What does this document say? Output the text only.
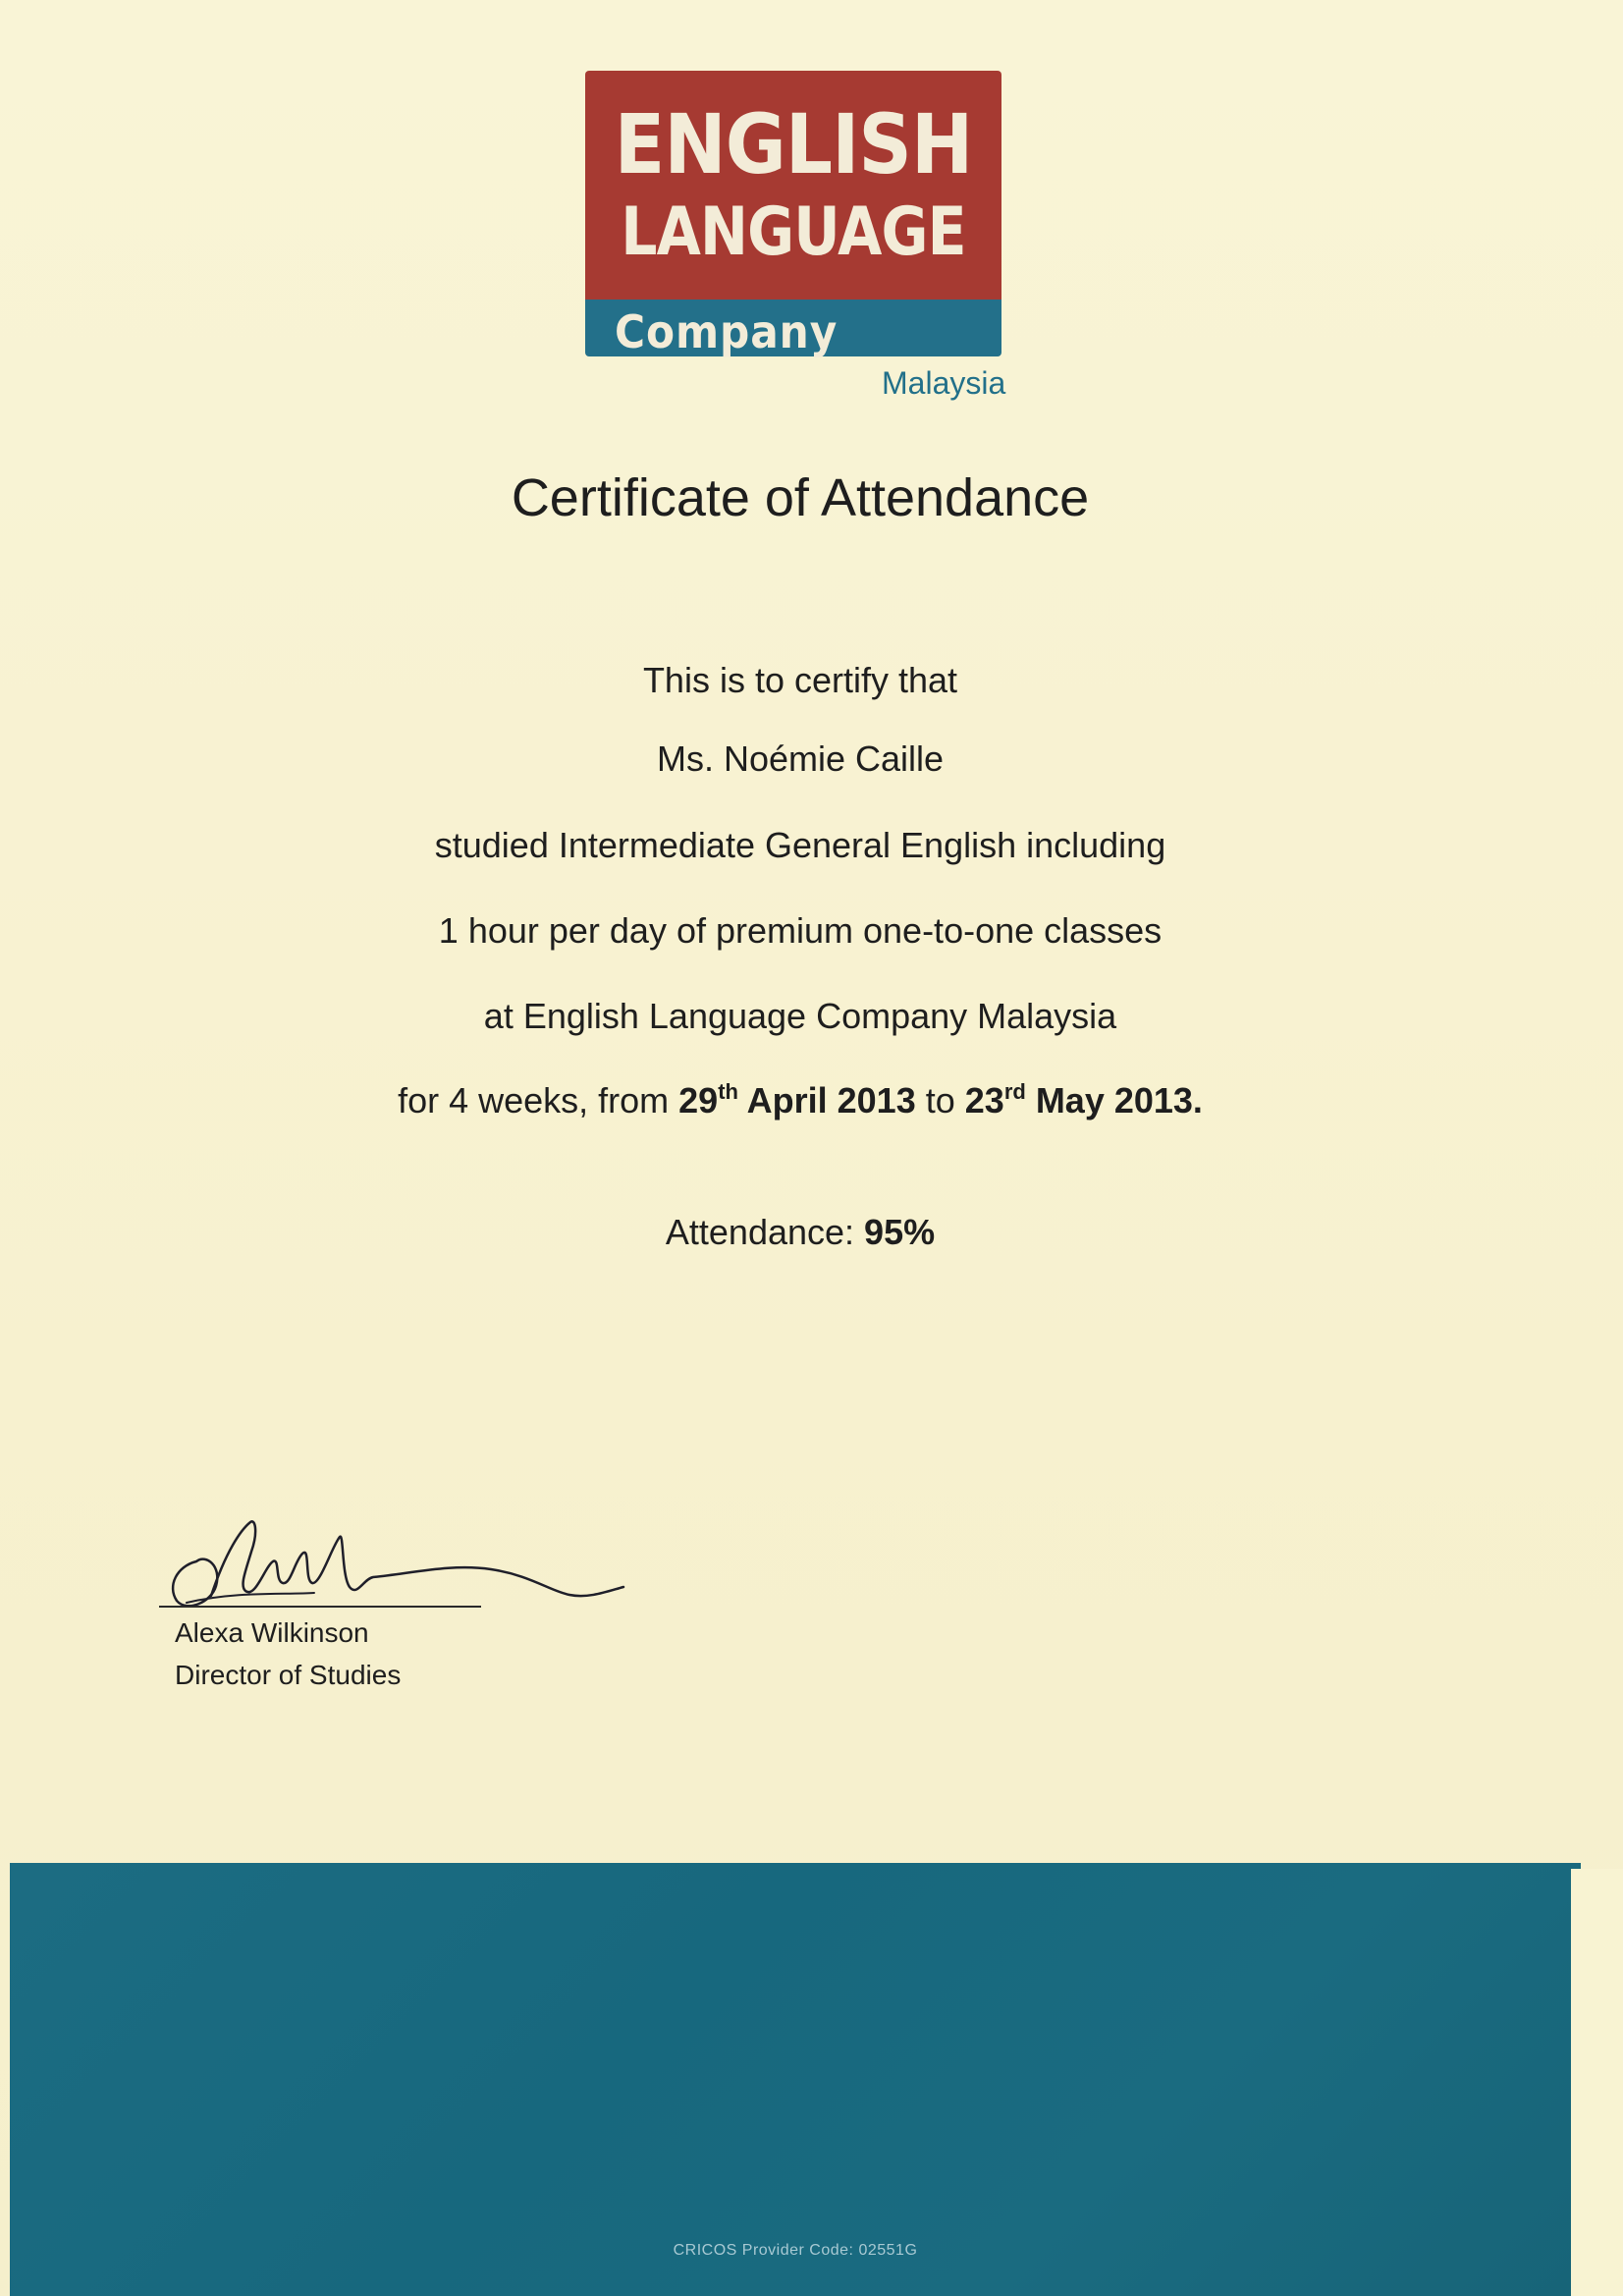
ENGLISH
LANGUAGE
Company
Malaysia
Certificate of Attendance
This is to certify that
Ms. Noémie Caille
studied Intermediate General English including
1 hour per day of premium one-to-one classes
at English Language Company Malaysia
for 4 weeks, from 29th April 2013 to 23rd May 2013.
Attendance: 95%
Alexa Wilkinson
Director of Studies
CRICOS Provider Code: 02551G
